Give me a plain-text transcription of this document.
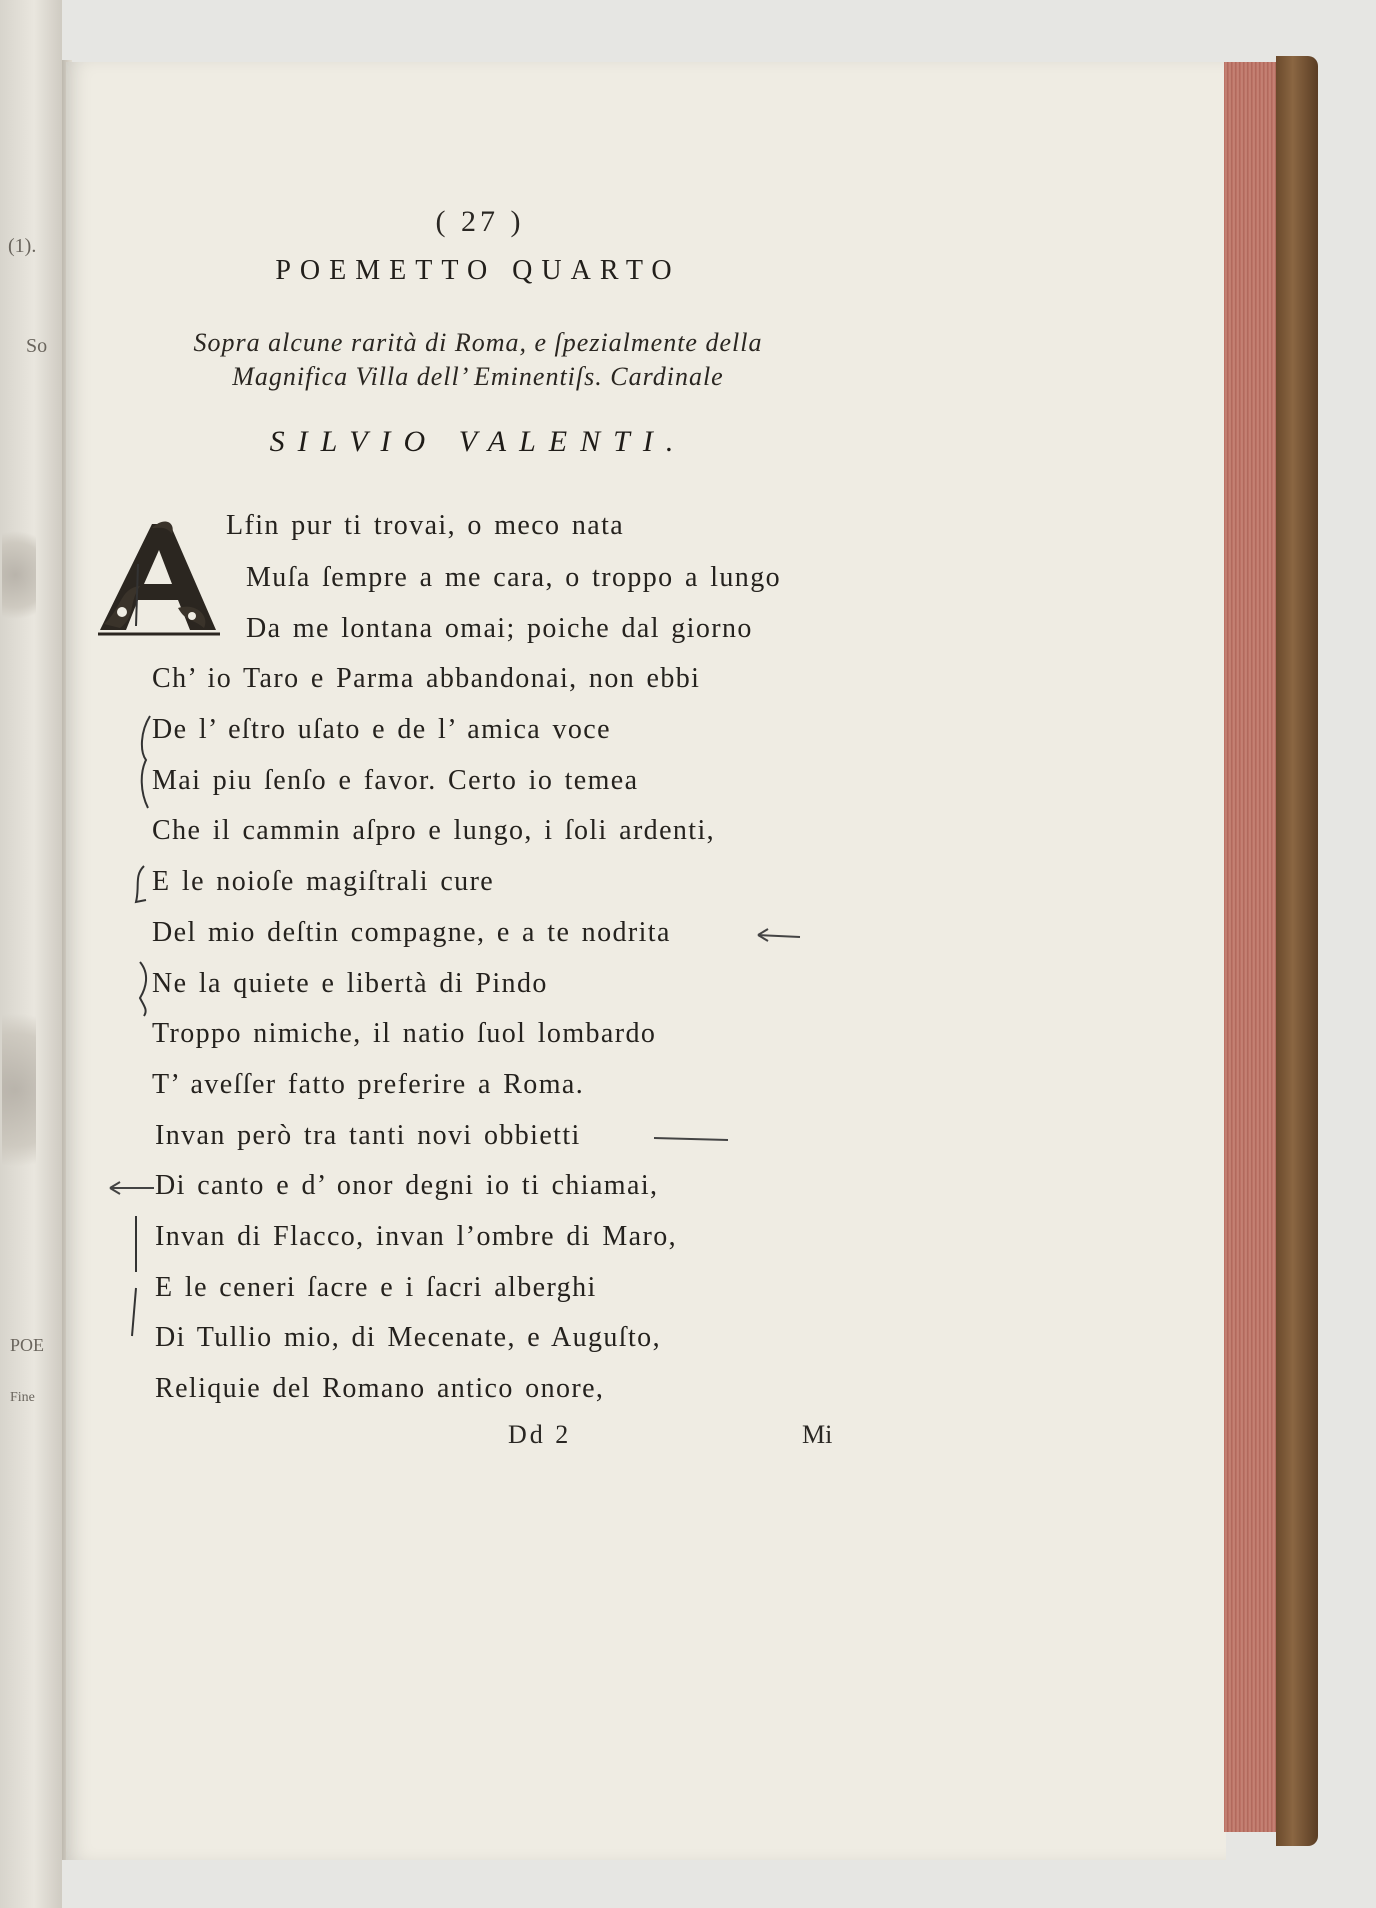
(1).
So
POE
Fine
( 27 )
POEMETTO QUARTO
Sopra alcune rarità di Roma, e ſpezialmente della
Magnifica Villa dell’ Eminentiſs. Cardinale
SILVIO VALENTI.
Lfin pur ti trovai, o meco nata
Muſa ſempre a me cara, o troppo a lungo
Da me lontana omai; poiche dal giorno
Ch’ io Taro e Parma abbandonai, non ebbi
De l’ eſtro uſato e de l’ amica voce
Mai piu ſenſo e favor. Certo io temea
Che il cammin aſpro e lungo, i ſoli ardenti,
E le noioſe magiſtrali cure
Del mio deſtin compagne, e a te nodrita
Ne la quiete e libertà di Pindo
Troppo nimiche, il natio ſuol lombardo
T’ aveſſer fatto preferire a Roma.
Invan però tra tanti novi obbietti
Di canto e d’ onor degni io ti chiamai,
Invan di Flacco, invan l’ombre di Maro,
E le ceneri ſacre e i ſacri alberghi
Di Tullio mio, di Mecenate, e Auguſto,
Reliquie del Romano antico onore,
Dd 2	Mi
